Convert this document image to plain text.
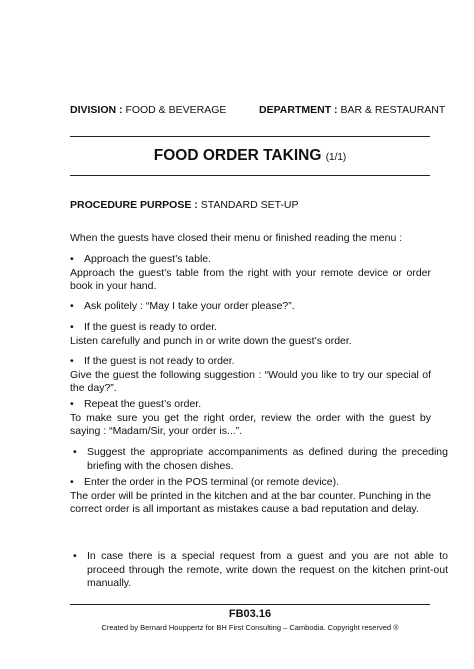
DIVISION : FOOD & BEVERAGE	DEPARTMENT : BAR & RESTAURANT
FOOD ORDER TAKING (1/1)
PROCEDURE PURPOSE : STANDARD SET-UP
When the guests have closed their menu or finished reading the menu :
• Approach the guest’s table.
Approach the guest’s table from the right with your remote device or order book in your hand.
• Ask politely : “May I take your order please?”.
• If the guest is ready to order.
Listen carefully and punch in or write down the guest’s order.
• If the guest is not ready to order.
Give the guest the following suggestion : “Would you like to try our special of the day?”.
• Repeat the guest’s order.
To make sure you get the right order, review the order with the guest by saying : “Madam/Sir, your order is...”.
• Suggest the appropriate accompaniments as defined during the preceding briefing with the chosen dishes.
• Enter the order in the POS terminal (or remote device).
The order will be printed in the kitchen and at the bar counter. Punching in the correct order is all important as mistakes cause a bad reputation and delay.
• In case there is a special request from a guest and you are not able to proceed through the remote, write down the request on the kitchen print-out manually.
FB03.16
Created by Bernard Houppertz for BH First Consulting – Cambodia. Copyright reserved ®
